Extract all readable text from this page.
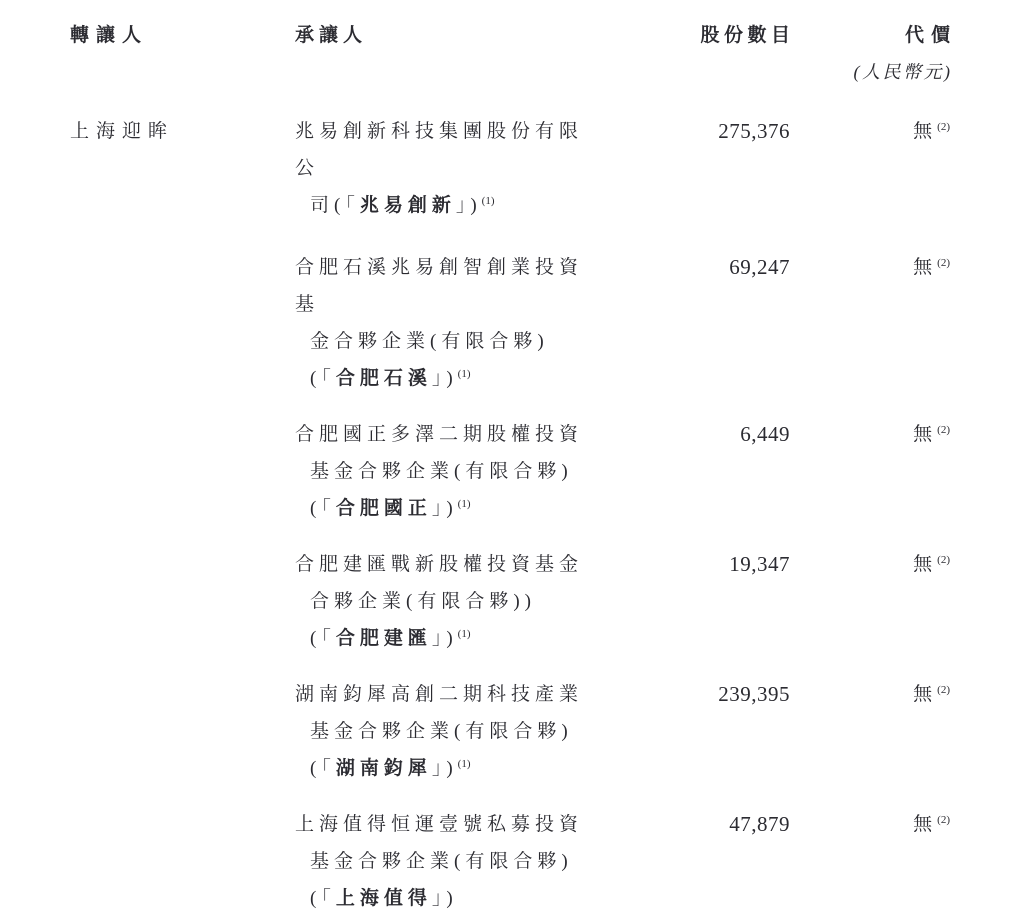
轉讓人	承讓人	股份數目	代價
(人民幣元)
上海迎眸	兆易創新科技集團股份有限公
司(「兆易創新」)$^{(1)}$
275,376	無$^{(2)}$
合肥石溪兆易創智創業投資基
金合夥企業(有限合夥)
(「合肥石溪」)$^{(1)}$
69,247	無$^{(2)}$
合肥國正多澤二期股權投資
基金合夥企業(有限合夥)
(「合肥國正」)$^{(1)}$
6,449	無$^{(2)}$
合肥建匯戰新股權投資基金
合夥企業(有限合夥))
(「合肥建匯」)$^{(1)}$
19,347	無$^{(2)}$
湖南鈞犀高創二期科技產業
基金合夥企業(有限合夥)
(「湖南鈞犀」)$^{(1)}$
239,395	無$^{(2)}$
上海值得恒運壹號私募投資
基金合夥企業(有限合夥)
(「上海值得」)
47,879	無$^{(2)}$
